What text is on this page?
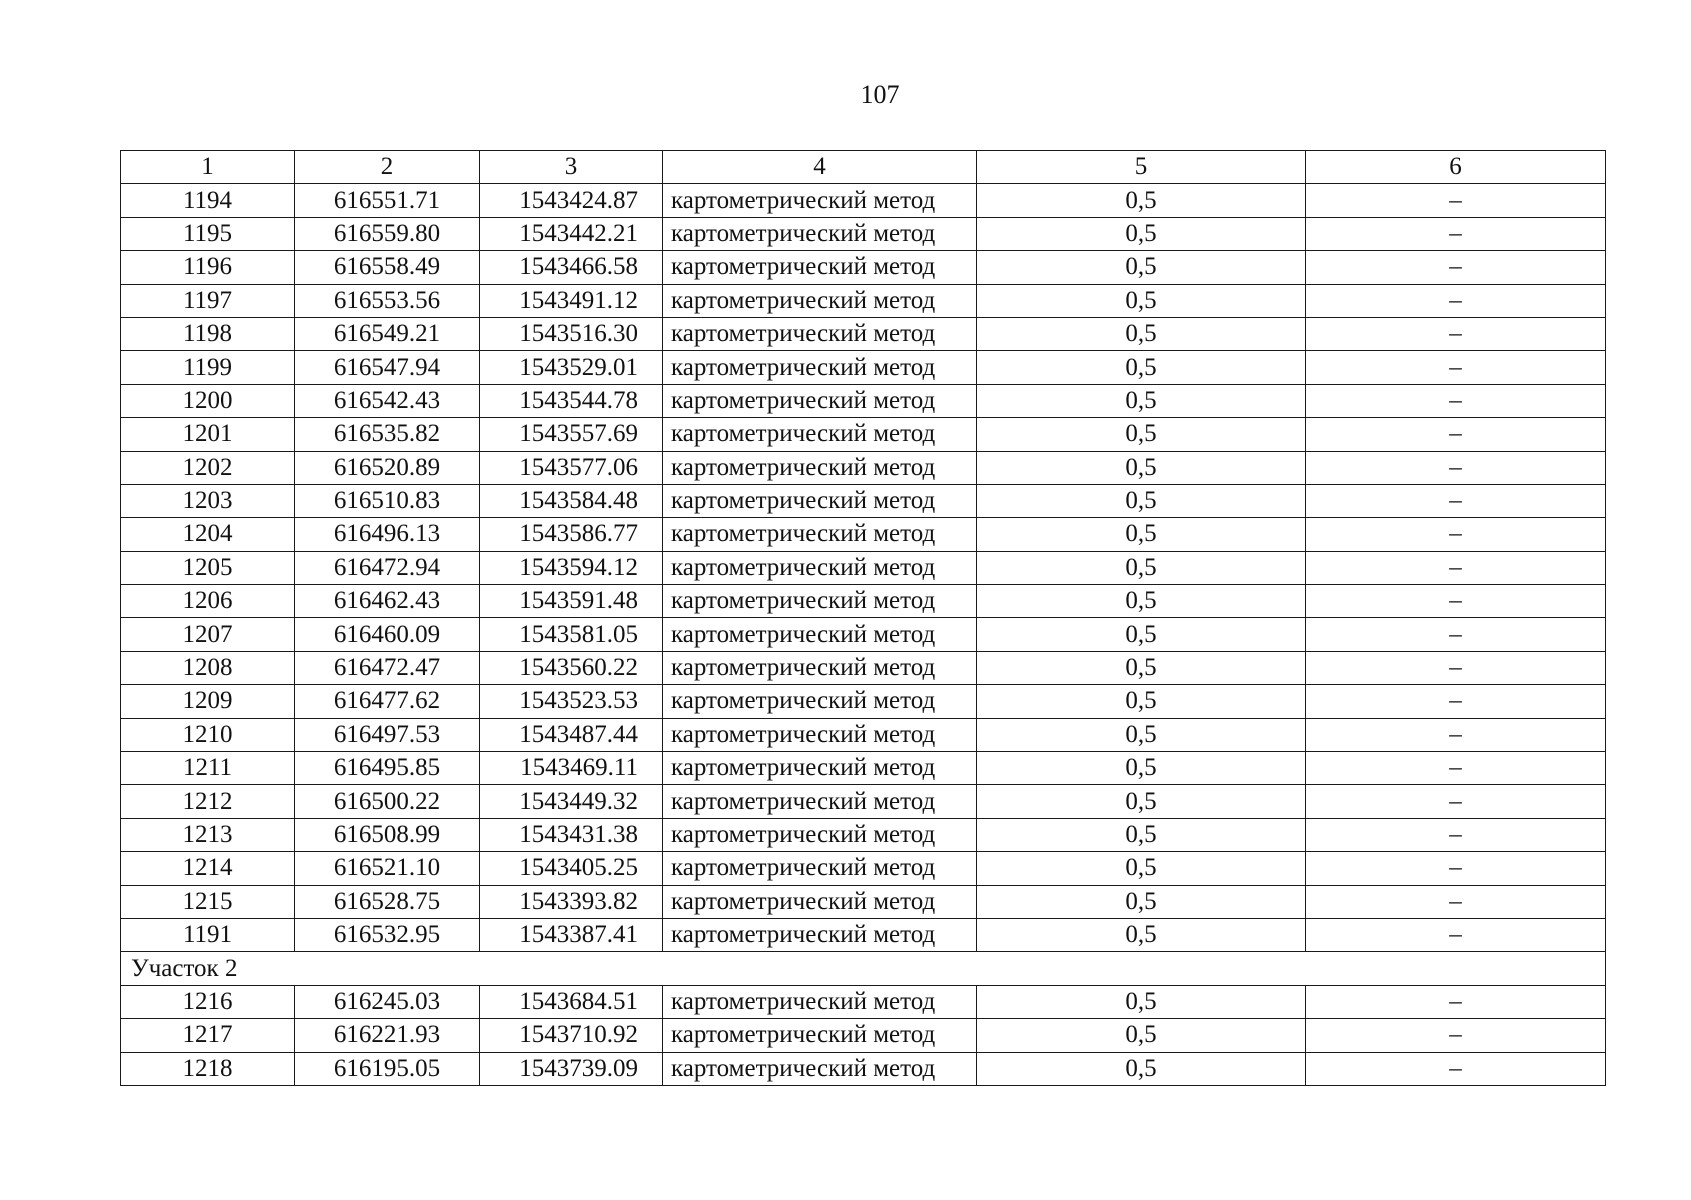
107
1	2	3	4	5	6
1194	616551.71	1543424.87	картометрический метод	0,5	–
1195	616559.80	1543442.21	картометрический метод	0,5	–
1196	616558.49	1543466.58	картометрический метод	0,5	–
1197	616553.56	1543491.12	картометрический метод	0,5	–
1198	616549.21	1543516.30	картометрический метод	0,5	–
1199	616547.94	1543529.01	картометрический метод	0,5	–
1200	616542.43	1543544.78	картометрический метод	0,5	–
1201	616535.82	1543557.69	картометрический метод	0,5	–
1202	616520.89	1543577.06	картометрический метод	0,5	–
1203	616510.83	1543584.48	картометрический метод	0,5	–
1204	616496.13	1543586.77	картометрический метод	0,5	–
1205	616472.94	1543594.12	картометрический метод	0,5	–
1206	616462.43	1543591.48	картометрический метод	0,5	–
1207	616460.09	1543581.05	картометрический метод	0,5	–
1208	616472.47	1543560.22	картометрический метод	0,5	–
1209	616477.62	1543523.53	картометрический метод	0,5	–
1210	616497.53	1543487.44	картометрический метод	0,5	–
1211	616495.85	1543469.11	картометрический метод	0,5	–
1212	616500.22	1543449.32	картометрический метод	0,5	–
1213	616508.99	1543431.38	картометрический метод	0,5	–
1214	616521.10	1543405.25	картометрический метод	0,5	–
1215	616528.75	1543393.82	картометрический метод	0,5	–
1191	616532.95	1543387.41	картометрический метод	0,5	–
Участок 2					
1216	616245.03	1543684.51	картометрический метод	0,5	–
1217	616221.93	1543710.92	картометрический метод	0,5	–
1218	616195.05	1543739.09	картометрический метод	0,5	–
